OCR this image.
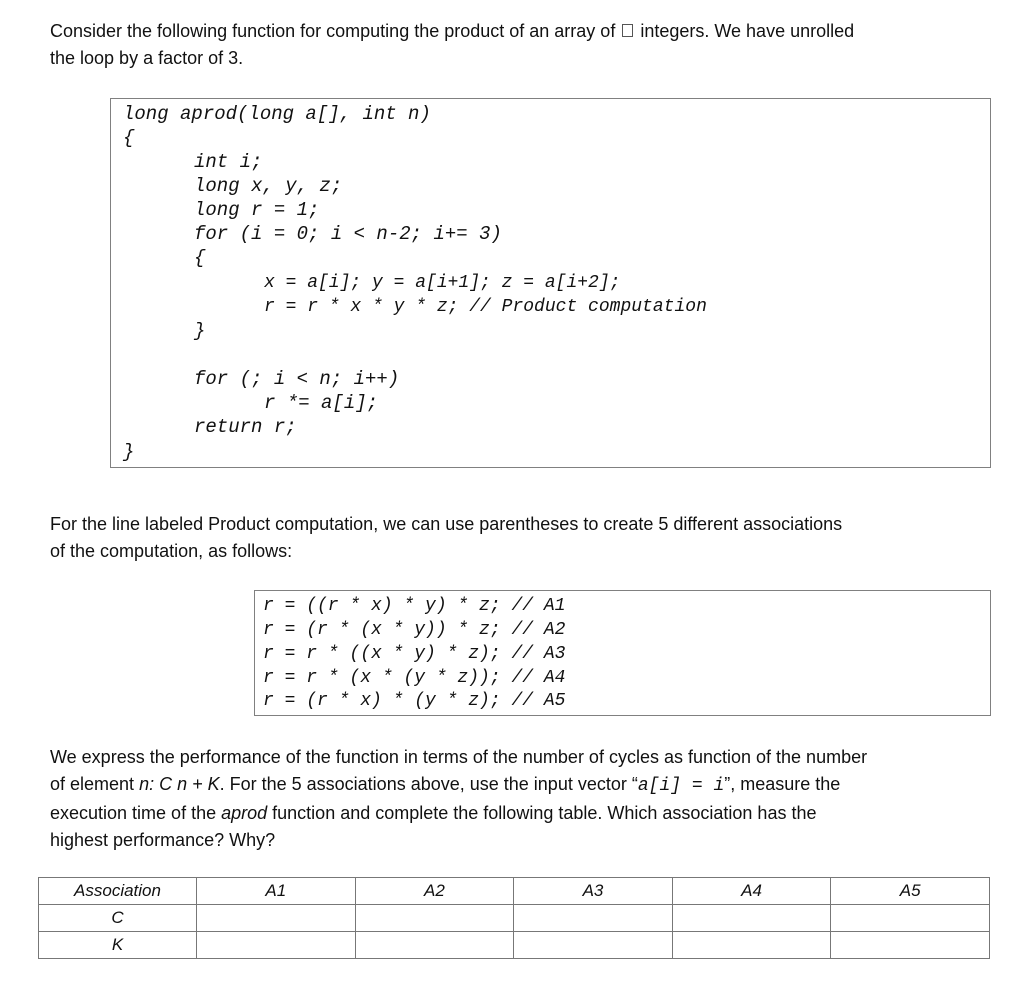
Consider the following function for computing the product of an array of  integers. We have unrolled
the loop by a factor of 3.

long aprod(long a[], int n)
{
int i;
long x, y, z;
long r = 1;
for (i = 0; i < n-2; i+= 3)
{
x = a[i]; y = a[i+1]; z = a[i+2];
r = r * x * y * z; // Product computation
}
for (; i < n; i++)
r *= a[i];
return r;
}

For the line labeled Product computation, we can use parentheses to create 5 different associations
of the computation, as follows:

r = ((r * x) * y) * z; // A1
r = (r * (x * y)) * z; // A2
r = r * ((x * y) * z); // A3
r = r * (x * (y * z)); // A4
r = (r * x) * (y * z); // A5

We express the performance of the function in terms of the number of cycles as function of the number
of element n: C n + K. For the 5 associations above, use the input vector “a[i] = i”, measure the
execution time of the aprod function and complete the following table. Which association has the
highest performance? Why?

Association	A1	A2	A3	A4	A5
C					
K					
